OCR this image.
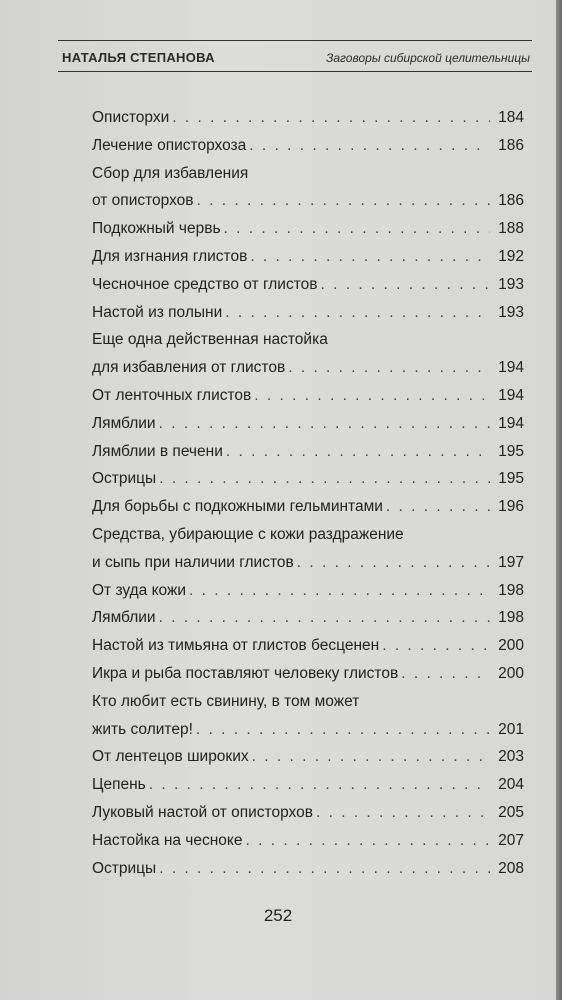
НАТАЛЬЯ СТЕПАНОВА	Заговоры сибирской целительницы
Описторхи . . .	184
Лечение описторхоза . . .	186
Сбор для избавления
от описторхов . . .	186
Подкожный червь . . .	188
Для изгнания глистов . . .	192
Чесночное средство от глистов . . .	193
Настой из полыни . . .	193
Еще одна действенная настойка
для избавления от глистов . . .	194
От ленточных глистов . . .	194
Лямблии . . .	194
Лямблии в печени . . .	195
Острицы . . .	195
Для борьбы с подкожными гельминтами . . .	196
Средства, убирающие с кожи раздражение
и сыпь при наличии глистов . . .	197
От зуда кожи . . .	198
Лямблии . . .	198
Настой из тимьяна от глистов бесценен . . .	200
Икра и рыба поставляют человеку глистов . . .	200
Кто любит есть свинину, в том может
жить солитер! . . .	201
От лентецов широких . . .	203
Цепень . . .	204
Луковый настой от описторхов . . .	205
Настойка на чесноке . . .	207
Острицы . . .	208
252
